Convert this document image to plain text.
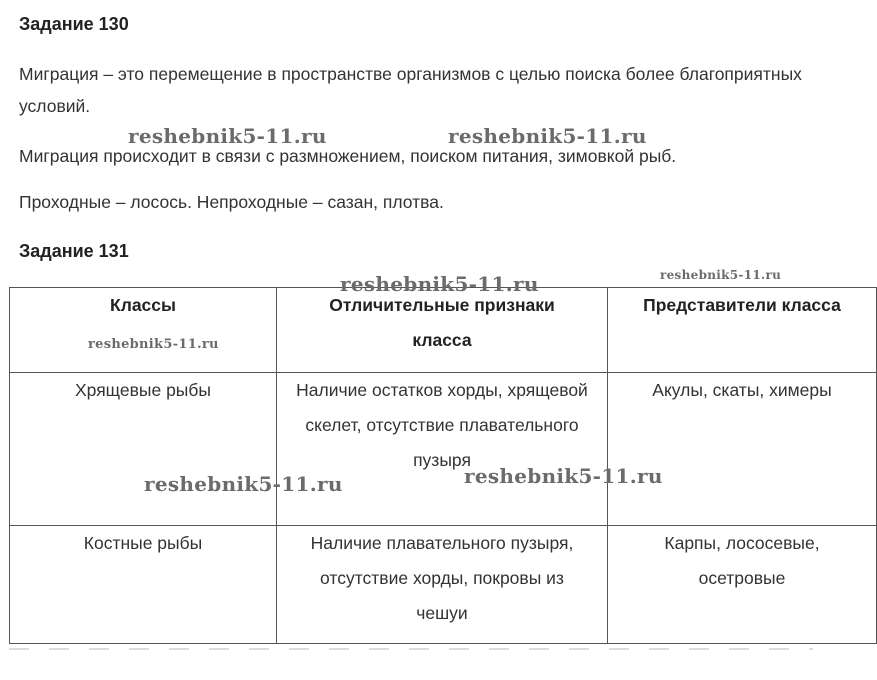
Задание 130
Миграция – это перемещение в пространстве организмов с целью поиска более благоприятных условий.
Миграция происходит в связи с размножением, поиском питания, зимовкой рыб.
Проходные – лосось. Непроходные – сазан, плотва.
Задание 131
Классы	Отличительные признаки класса	Представители класса
Хрящевые рыбы	Наличие остатков хорды, хрящевой скелет, отсутствие плавательного пузыря	Акулы, скаты, химеры
Костные рыбы	Наличие плавательного пузыря, отсутствие хорды, покровы из чешуи	Карпы, лососевые, осетровые
reshebnik5-11.ru	reshebnik5-11.ru
reshebnik5-11.ru	reshebnik5-11.ru
reshebnik5-11.ru
reshebnik5-11.ru	reshebnik5-11.ru
